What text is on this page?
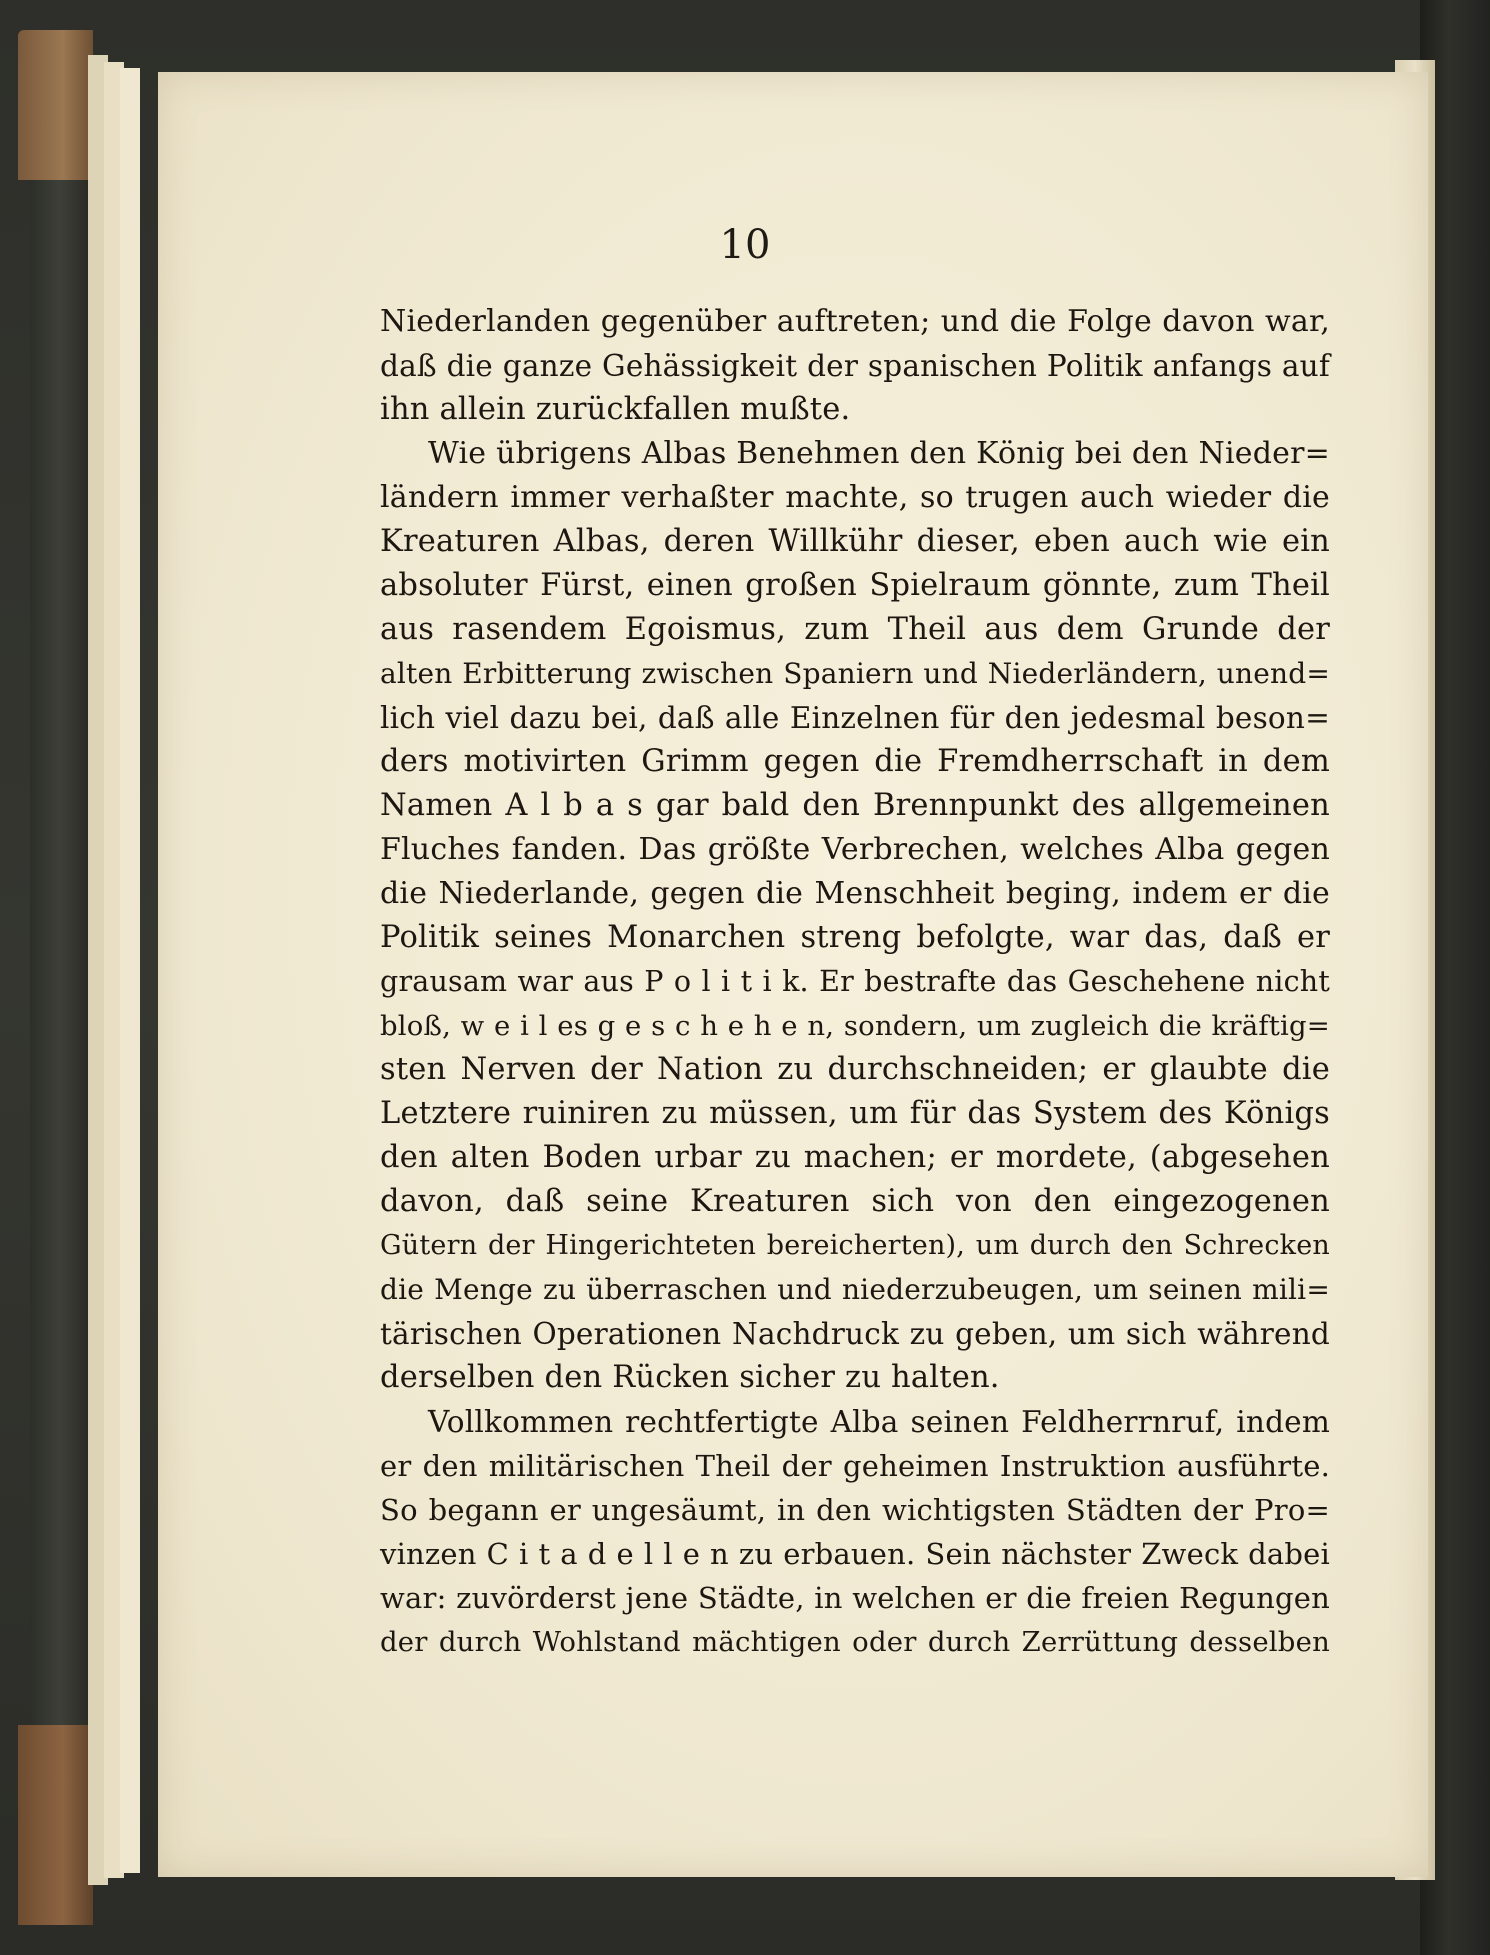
10
Niederlanden gegenüber auftreten; und die Folge davon war,
daß die ganze Gehässigkeit der spanischen Politik anfangs auf
ihn allein zurückfallen mußte.
Wie übrigens Albas Benehmen den König bei den Nieder=
ländern immer verhaßter machte, so trugen auch wieder die
Kreaturen Albas, deren Willkühr dieser, eben auch wie ein
absoluter Fürst, einen großen Spielraum gönnte, zum Theil
aus rasendem Egoismus, zum Theil aus dem Grunde der
alten Erbitterung zwischen Spaniern und Niederländern, unend=
lich viel dazu bei, daß alle Einzelnen für den jedesmal beson=
ders motivirten Grimm gegen die Fremdherrschaft in dem
Namen A l b a s gar bald den Brennpunkt des allgemeinen
Fluches fanden. Das größte Verbrechen, welches Alba gegen
die Niederlande, gegen die Menschheit beging, indem er die
Politik seines Monarchen streng befolgte, war das, daß er
grausam war aus P o l i t i k. Er bestrafte das Geschehene nicht
bloß, w e i l es g e s c h e h e n, sondern, um zugleich die kräftig=
sten Nerven der Nation zu durchschneiden; er glaubte die
Letztere ruiniren zu müssen, um für das System des Königs
den alten Boden urbar zu machen; er mordete, (abgesehen
davon, daß seine Kreaturen sich von den eingezogenen
Gütern der Hingerichteten bereicherten), um durch den Schrecken
die Menge zu überraschen und niederzubeugen, um seinen mili=
tärischen Operationen Nachdruck zu geben, um sich während
derselben den Rücken sicher zu halten.
Vollkommen rechtfertigte Alba seinen Feldherrnruf, indem
er den militärischen Theil der geheimen Instruktion ausführte.
So begann er ungesäumt, in den wichtigsten Städten der Pro=
vinzen C i t a d e l l e n zu erbauen. Sein nächster Zweck dabei
war: zuvörderst jene Städte, in welchen er die freien Regungen
der durch Wohlstand mächtigen oder durch Zerrüttung desselben
